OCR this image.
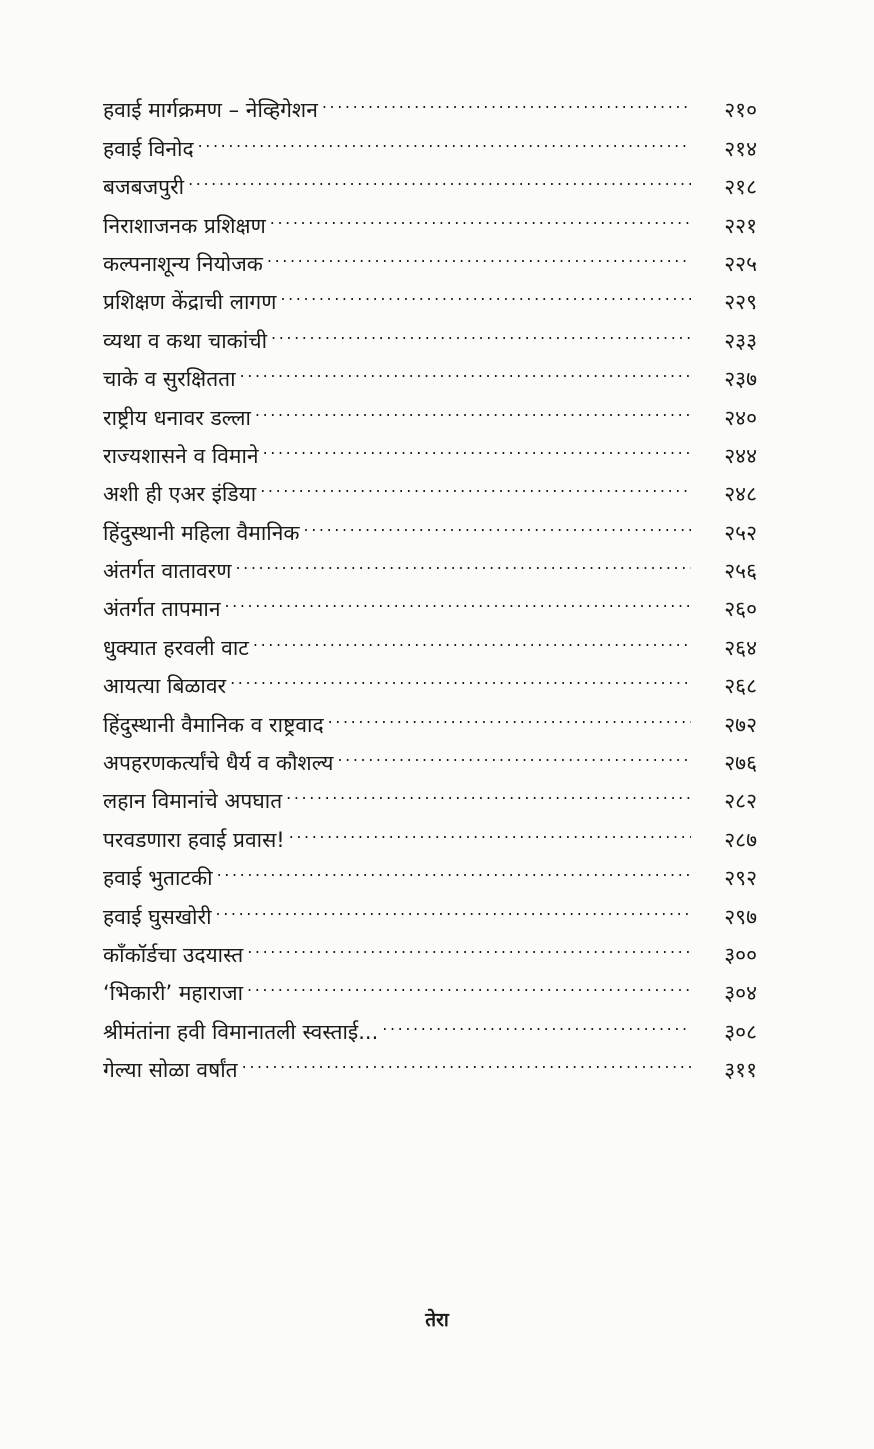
हवाई मार्गक्रमण – नेव्हिगेशन .....	२१०
हवाई विनोद .....	२१४
बजबजपुरी .....	२१८
निराशाजनक प्रशिक्षण .....	२२१
कल्पनाशून्य नियोजक .....	२२५
प्रशिक्षण केंद्राची लागण .....	२२९
व्यथा व कथा चाकांची .....	२३३
चाके व सुरक्षितता .....	२३७
राष्ट्रीय धनावर डल्ला .....	२४०
राज्यशासने व विमाने .....	२४४
अशी ही एअर इंडिया .....	२४८
हिंदुस्थानी महिला वैमानिक .....	२५२
अंतर्गत वातावरण .....	२५६
अंतर्गत तापमान .....	२६०
धुक्यात हरवली वाट .....	२६४
आयत्या बिळावर .....	२६८
हिंदुस्थानी वैमानिक व राष्ट्रवाद .....	२७२
अपहरणकर्त्यांचे धैर्य व कौशल्य .....	२७६
लहान विमानांचे अपघात .....	२८२
परवडणारा हवाई प्रवास! .....	२८७
हवाई भुताटकी .....	२९२
हवाई घुसखोरी .....	२९७
काँकॉर्डचा उदयास्त .....	३००
‘भिकारी’ महाराजा .....	३०४
श्रीमंतांना हवी विमानातली स्वस्ताई... .....	३०८
गेल्या सोळा वर्षांत .....	३११
तेरा
